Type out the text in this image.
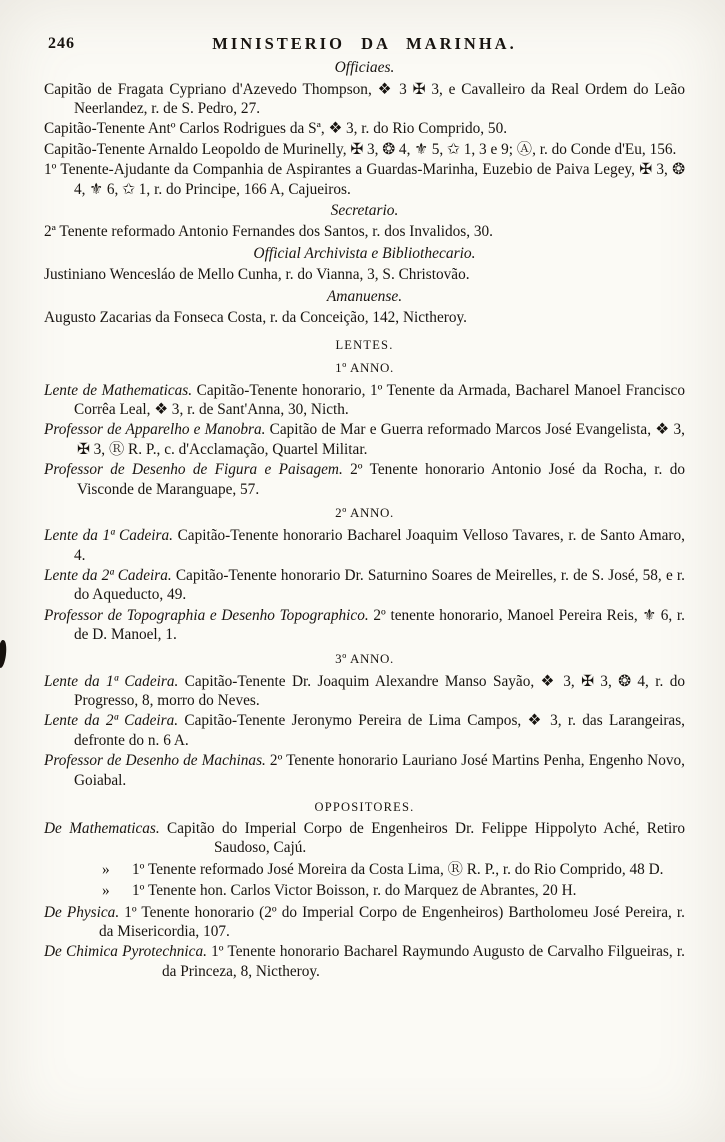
246	MINISTERIO DA MARINHA.
Officiaes.

Capitão de Fragata Cypriano d'Azevedo Thompson, ❖ 3 ✠ 3, e Cavalleiro da Real Ordem do Leão Neerlandez, r. de S. Pedro, 27.

Capitão-Tenente Antº Carlos Rodrigues da Sª, ❖ 3, r. do Rio Comprido, 50.

Capitão-Tenente Arnaldo Leopoldo de Murinelly, ✠ 3, ❂ 4, ⚜ 5, ✩ 1, 3 e 9; Ⓐ, r. do Conde d'Eu, 156.

1º Tenente-Ajudante da Companhia de Aspirantes a Guardas-Marinha, Euzebio de Paiva Legey, ✠ 3, ❂ 4, ⚜ 6, ✩ 1, r. do Principe, 166 A, Cajueiros.

Secretario.

2ª Tenente reformado Antonio Fernandes dos Santos, r. dos Invalidos, 30.

Official Archivista e Bibliothecario.

Justiniano Wencesláo de Mello Cunha, r. do Vianna, 3, S. Christovão.

Amanuense.

Augusto Zacarias da Fonseca Costa, r. da Conceição, 142, Nictheroy.

LENTES.
1º ANNO.

Lente de Mathematicas. Capitão-Tenente honorario, 1º Tenente da Armada, Bacharel Manoel Francisco Corrêa Leal, ❖ 3, r. de Sant'Anna, 30, Nicth.

Professor de Apparelho e Manobra. Capitão de Mar e Guerra reformado Marcos José Evangelista, ❖ 3, ✠ 3, Ⓡ R. P., c. d'Acclamação, Quartel Militar.

Professor de Desenho de Figura e Paisagem. 2º Tenente honorario Antonio José da Rocha, r. do Visconde de Maranguape, 57.

2º ANNO.

Lente da 1ª Cadeira. Capitão-Tenente honorario Bacharel Joaquim Velloso Tavares, r. de Santo Amaro, 4.

Lente da 2ª Cadeira. Capitão-Tenente honorario Dr. Saturnino Soares de Meirelles, r. de S. José, 58, e r. do Aqueducto, 49.

Professor de Topographia e Desenho Topographico. 2º tenente honorario, Manoel Pereira Reis, ⚜ 6, r. de D. Manoel, 1.

3º ANNO.

Lente da 1ª Cadeira. Capitão-Tenente Dr. Joaquim Alexandre Manso Sayão, ❖ 3, ✠ 3, ❂ 4, r. do Progresso, 8, morro do Neves.

Lente da 2ª Cadeira. Capitão-Tenente Jeronymo Pereira de Lima Campos, ❖ 3, r. das Larangeiras, defronte do n. 6 A.

Professor de Desenho de Machinas. 2º Tenente honorario Lauriano José Martins Penha, Engenho Novo, Goiabal.

OPPOSITORES.

De Mathematicas. Capitão do Imperial Corpo de Engenheiros Dr. Felippe Hippolyto Aché, Retiro Saudoso, Cajú.

»	1º Tenente reformado José Moreira da Costa Lima, Ⓡ R. P., r. do Rio Comprido, 48 D.

»	1º Tenente hon. Carlos Victor Boisson, r. do Marquez de Abrantes, 20 H.

De Physica. 1º Tenente honorario (2º do Imperial Corpo de Engenheiros) Bartholomeu José Pereira, r. da Misericordia, 107.

De Chimica Pyrotechnica. 1º Tenente honorario Bacharel Raymundo Augusto de Carvalho Filgueiras, r. da Princeza, 8, Nictheroy.
